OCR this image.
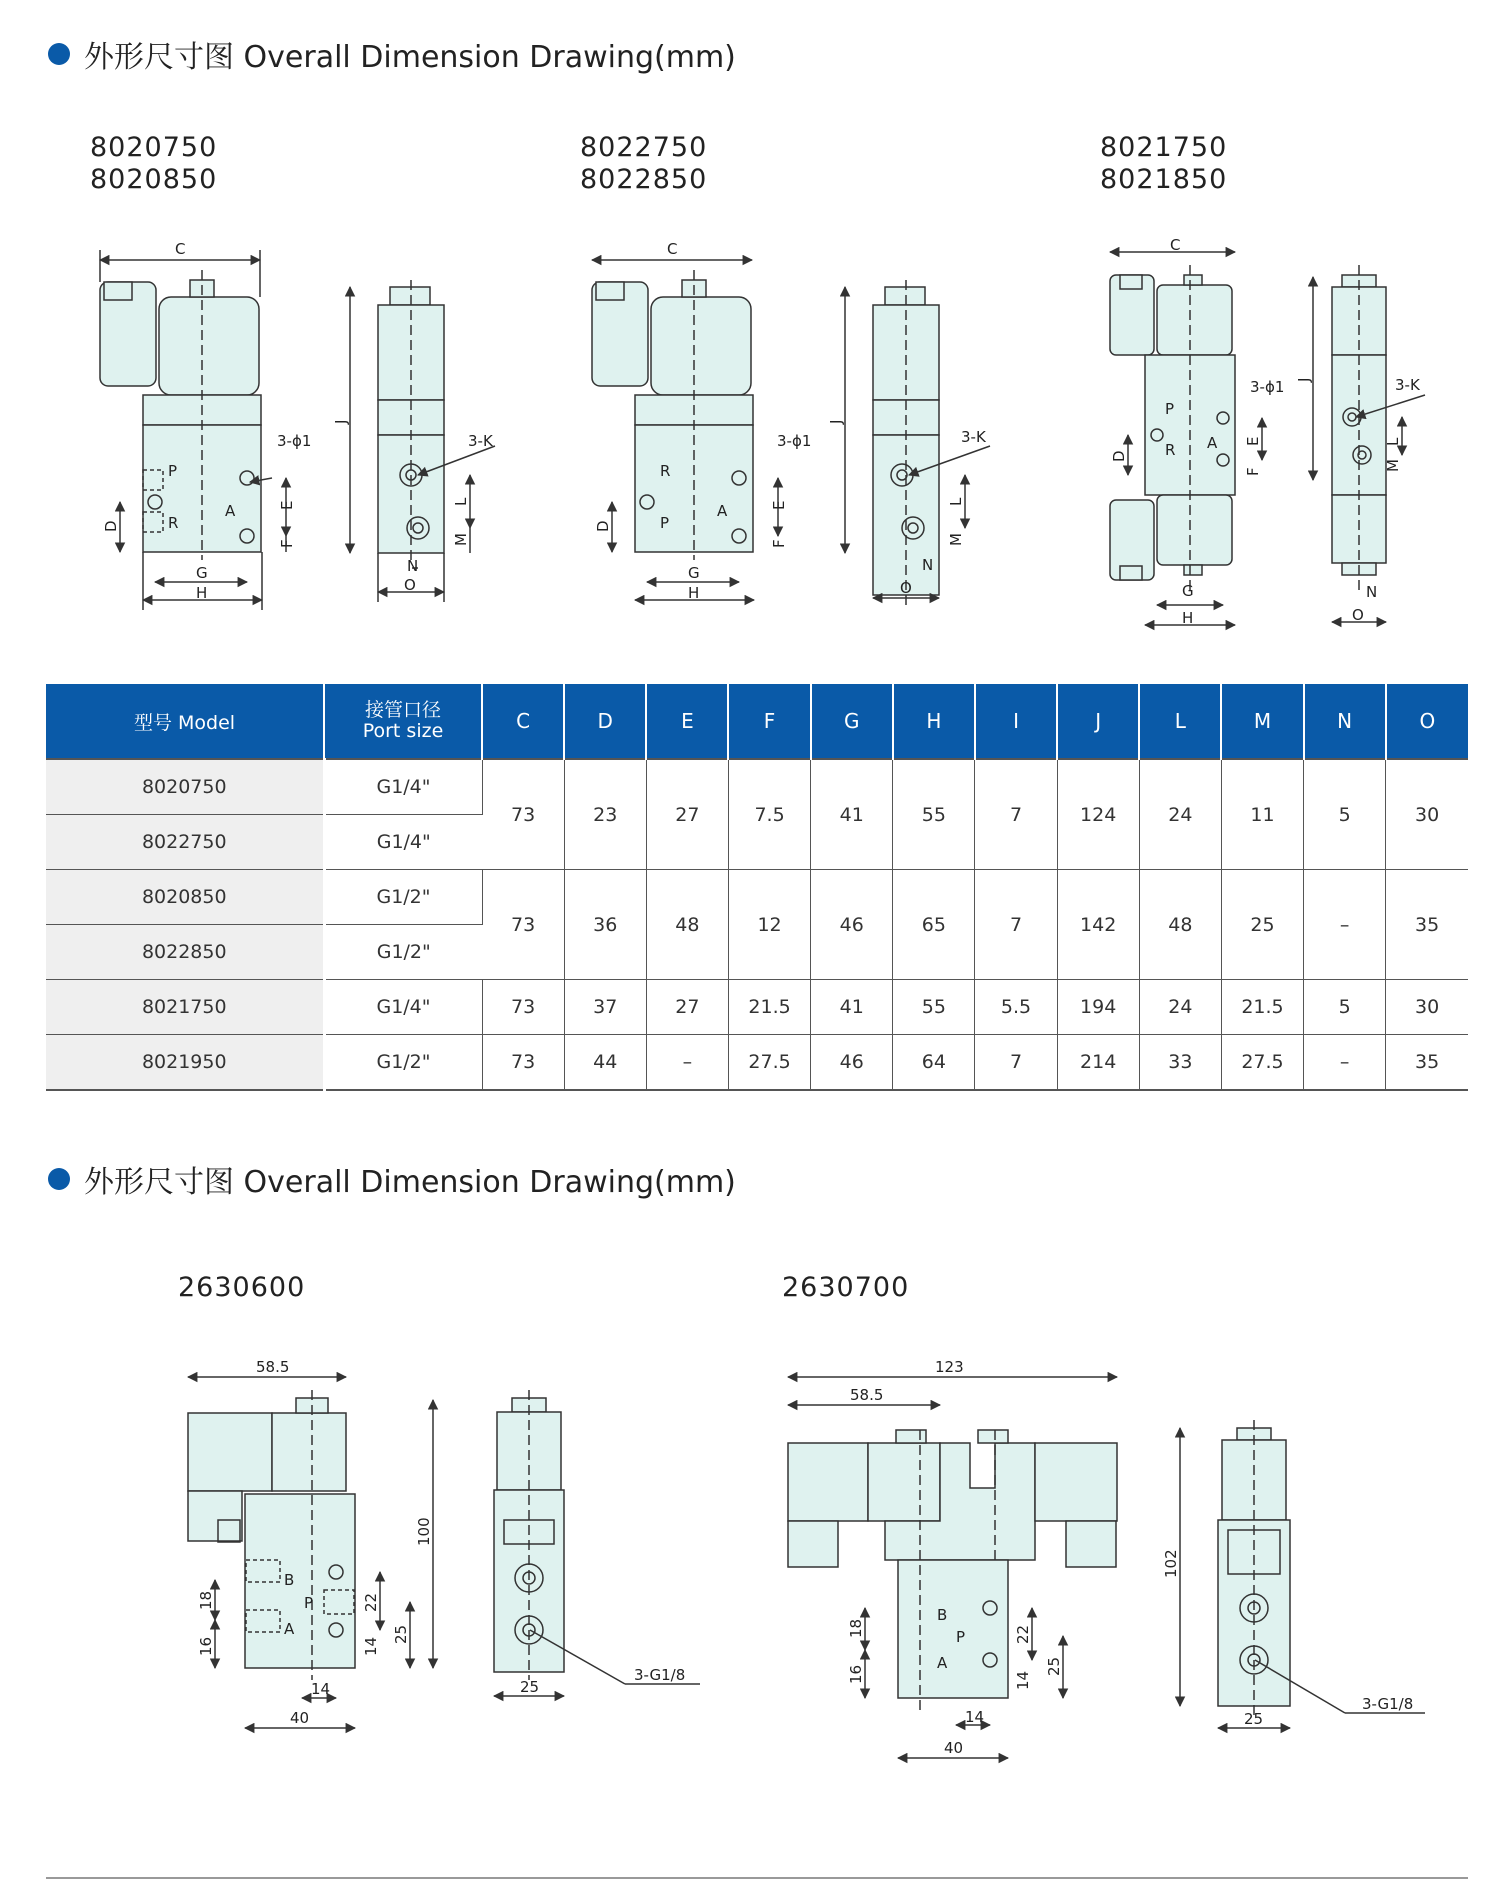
外形尺寸图 Overall Dimension Drawing(mm)
8020750
8020850
8022750
8022850
8021750
8021850
C
H
G
P
R
A
3-ϕ1	3-K
O
N
C
H
G
R
P
A
3-ϕ1	3-K
O
N
C
H
G
P
R A
3-ϕ1	3-K
O
N
D
E
F
J
L
M
D
E
F
J
L
M
D
E
F
J
L
M
型号 Model	接管口径
Port size	C	D	E	F	G	H	I	J	L	M	N	O
8020750	G1/4"	73	23	27	7.5	41	55	7	124	24	11	5	30
8022750	G1/4"												
8020850	G1/2"	73	36	48	12	46	65	7	142	48	25	–	35
8022850	G1/2"												
8021750	G1/4"	73	37	27	21.5	41	55	5.5	194	24	21.5	5	30
8021950	G1/2"	73	44	–	27.5	46	64	7	214	33	27.5	–	35
外形尺寸图 Overall Dimension Drawing(mm)
2630600	2630700
58.5
40
14
B
P
A
25
3-G1/8
123
58.5
40
14
B
P
A
25
3-G1/8
100
18
16
22
14
25	18
16
22
14
25
102
